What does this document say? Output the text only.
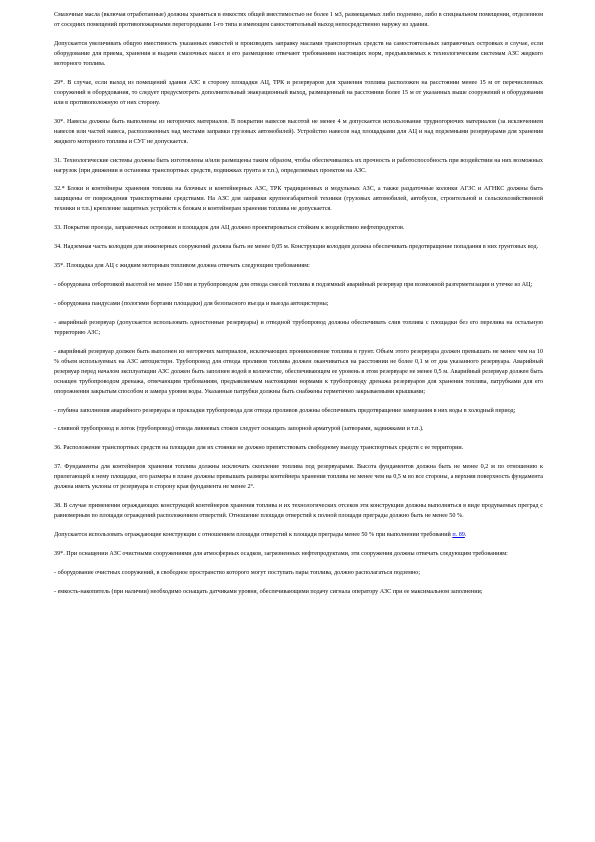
Смазочные масла (включая отработанные) должны храниться в емкостях общей вместимостью не более 1 м3, размещаемых либо подземно, либо в специальном помещении, отделенном от соседних помещений противопожарными перегородками 1-го типа и имеющем самостоятельный выход непосредственно наружу из здания.

Допускается увеличивать общую вместимость указанных емкостей и производить заправку маслами транспортных средств на самостоятельных заправочных островках в случае, если оборудование для приема, хранения и выдачи смазочных масел и его размещение отвечают требованиям настоящих норм, предъявляемых к технологическим системам АЗС жидкого моторного топлива.

29*. В случае, если выход из помещений здания АЗС в сторону площадки АЦ, ТРК и резервуаров для хранения топлива расположен на расстоянии менее 15 м от перечисленных сооружений и оборудования, то следует предусмотреть дополнительный эвакуационный выход, размещенный на расстоянии более 15 м от указанных выше сооружений и оборудования или в противоположную от них сторону.

30*. Навесы должны быть выполнены из негорючих материалов. В покрытии навесов высотой не менее 4 м допускается использование трудногорючих материалов (за исключением навесов или частей навеса, расположенных над местами заправки грузовых автомобилей). Устройство навесов над площадками для АЦ и над подземными резервуарами для хранения жидкого моторного топлива и СУГ не допускается.

31. Технологические системы должны быть изготовлены и/или размещены таким образом, чтобы обеспечивались их прочность и работоспособность при воздействии на них возможных нагрузок (при движении и остановке транспортных средств, подвижках грунта и т.п.), определяемых проектом на АЗС.

32.* Блоки и контейнеры хранения топлива на блочных и контейнерных АЗС, ТРК традиционных и модульных АЗС, а также раздаточные колонки АГЗС и АГНКС должны быть защищены от повреждения транспортными средствами. На АЗС для заправки крупногабаритной техники (грузовых автомобилей, автобусов, строительной и сельскохозяйственной техники и т.п.) крепление защитных устройств к блокам и контейнерам хранения топлива не допускается.

33. Покрытие проезда, заправочных островков и площадок для АЦ должно проектироваться стойким к воздействию нефтепродуктов.

34. Надземная часть колодцев для инженерных сооружений должна быть не менее 0,05 м. Конструкция колодцев должна обеспечивать предотвращение попадания в них грунтовых вод.

35*. Площадка для АЦ с жидким моторным топливом должна отвечать следующим требованиям:

- оборудована отбортовкой высотой не менее 150 мм и трубопроводом для отвода смесей топлива в подземный аварийный резервуар при возможной разгерметизации и утечке из АЦ;

- оборудована пандусами (пологими бортами площадки) для безопасного въезда и выезда автоцистерны;

- аварийный резервуар (допускается использовать одностенные резервуары) и отводной трубопровод должны обеспечивать слив топлива с площадки без его перелива на остальную территорию АЗС;

- аварийный резервуар должен быть выполнен из негорючих материалов, исключающих проникновение топлива в грунт. Объем этого резервуара должен превышать не менее чем на 10 % объем используемых на АЗС автоцистерн. Трубопровод для отвода проливов топлива должен оканчиваться на расстоянии не более 0,1 м от дна указанного резервуара. Аварийный резервуар перед началом эксплуатации АЗС должен быть заполнен водой в количестве, обеспечивающем ее уровень в этом резервуаре не менее 0,5 м. Аварийный резервуар должен быть оснащен трубопроводом дренажа, отвечающим требованиям, предъявляемым настоящими нормами к трубопроводу дренажа резервуаров для хранения топлива, патрубками для его опорожнения закрытым способом и замера уровня воды. Указанные патрубки должны быть снабжены герметично закрываемыми крышками;

- глубина заполнения аварийного резервуара и прокладки трубопровода для отвода проливов должны обеспечивать предотвращение замерзания в них воды в холодный период;

- сливной трубопровод и лоток (трубопровод) отвода ливневых стоков следует оснащать запорной арматурой (затворами, задвижками и т.п.).

36. Расположение транспортных средств на площадке для их стоянки не должно препятствовать свободному выезду транспортных средств с ее территории.

37. Фундаменты для контейнеров хранения топлива должны исключать скопление топлива под резервуарами. Высота фундаментов должна быть не менее 0,2 м по отношению к прилегающей к нему площадке, его размеры в плане должны превышать размеры контейнера хранения топлива не менее чем на 0,5 м во все стороны, а верхняя поверхность фундамента должна иметь уклоны от резервуара в сторону края фундамента не менее 2°.

38. В случае применения ограждающих конструкций контейнеров хранения топлива и их технологических отсеков эти конструкции должны выполняться в виде продуваемых преград с равномерным по площади ограждений расположением отверстий. Отношение площади отверстий к полной площади преграды должно быть не менее 50 %.

Допускается использовать ограждающие конструкции с отношением площади отверстий к площади преграды менее 50 % при выполнении требований п. 89.

39*. При оснащении АЗС очистными сооружениями для атмосферных осадков, загрязненных нефтепродуктами, эти сооружения должны отвечать следующим требованиям:

- оборудование очистных сооружений, в свободное пространство которого могут поступать пары топлива, должно располагаться подземно;

- емкость-накопитель (при наличии) необходимо оснащать датчиками уровня, обеспечивающими подачу сигнала оператору АЗС при ее максимальном заполнении;
